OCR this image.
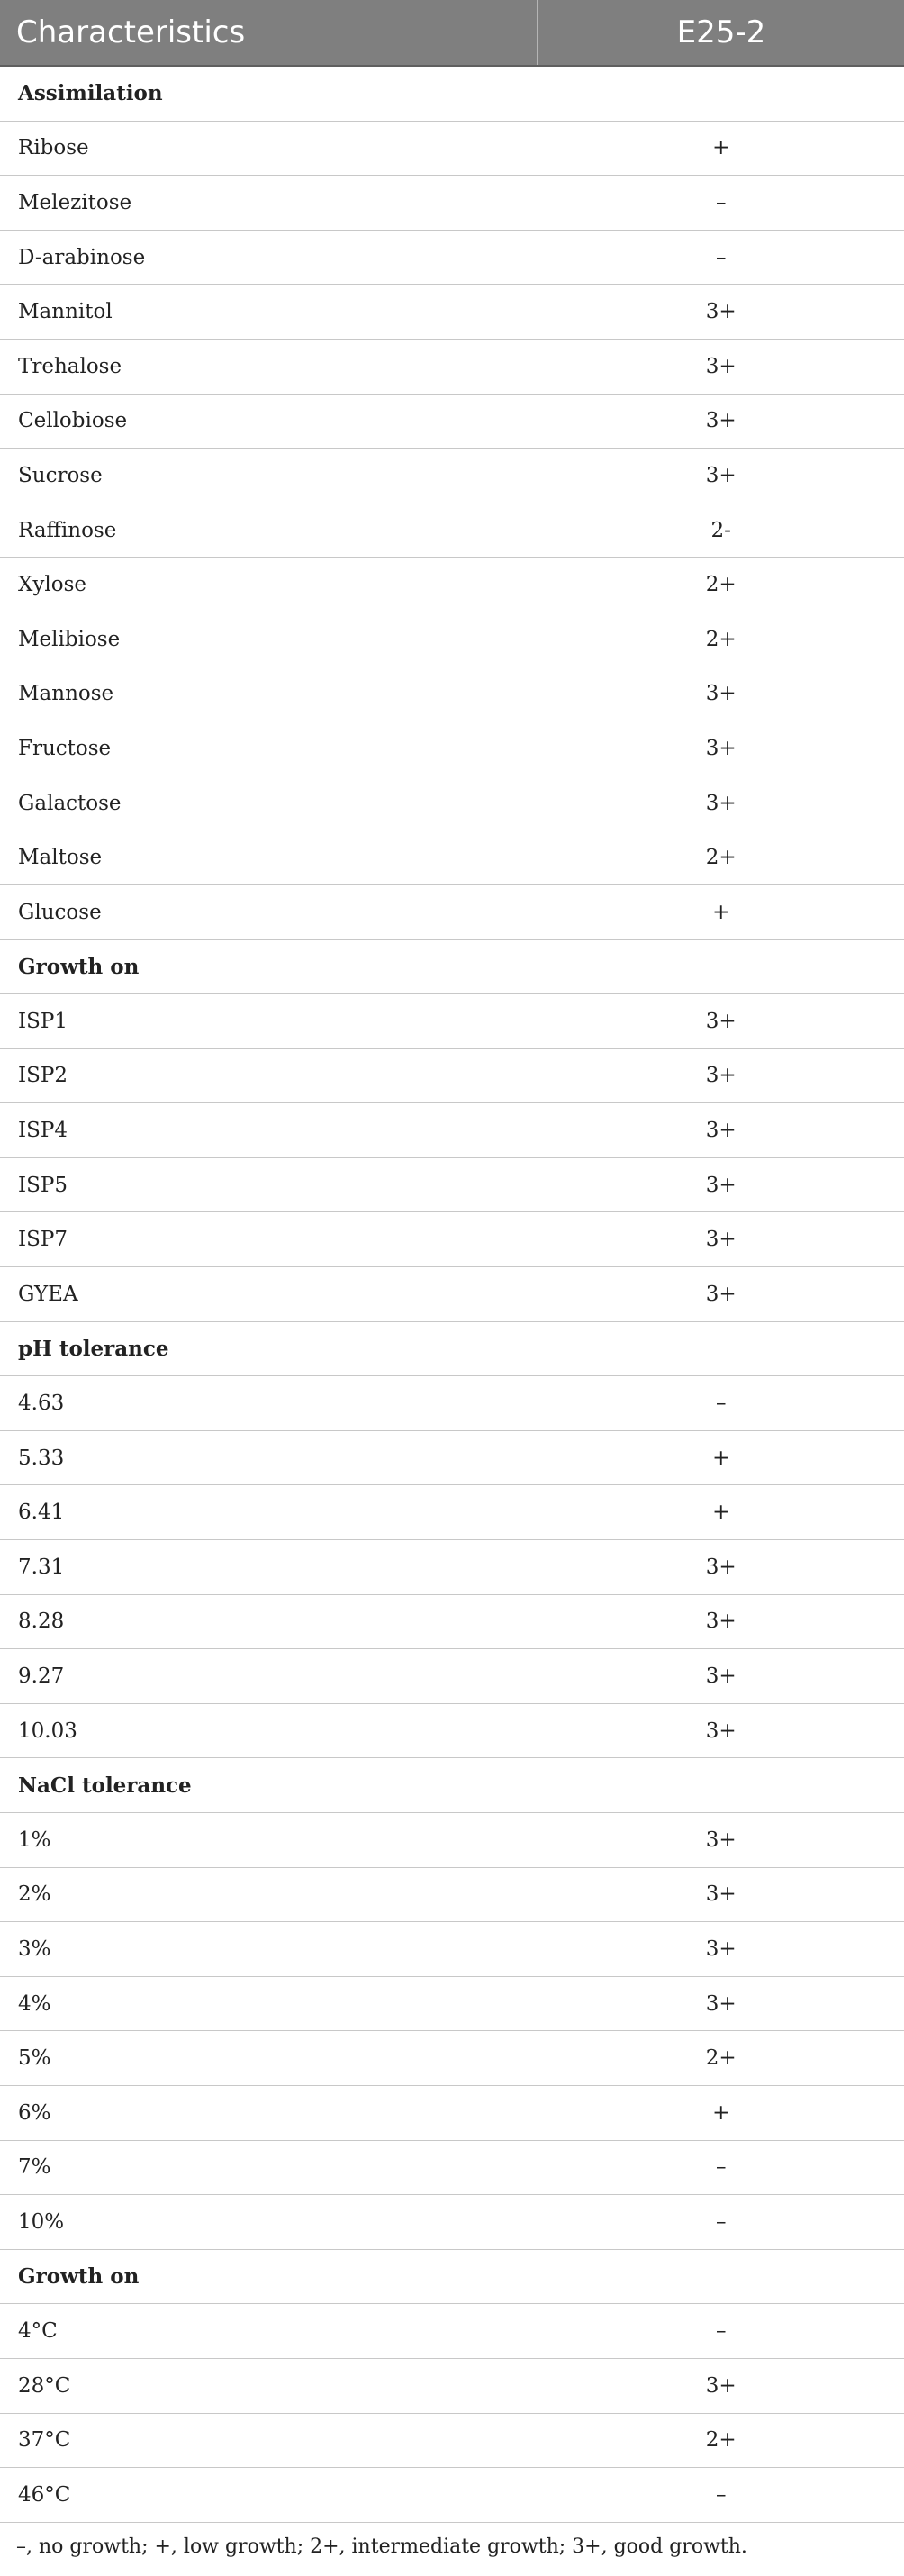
Characteristics	E25-2
Assimilation	
Ribose	+
Melezitose	–
D-arabinose	–
Mannitol	3+
Trehalose	3+
Cellobiose	3+
Sucrose	3+
Raffinose	2-
Xylose	2+
Melibiose	2+
Mannose	3+
Fructose	3+
Galactose	3+
Maltose	2+
Glucose	+
Growth on	
ISP1	3+
ISP2	3+
ISP4	3+
ISP5	3+
ISP7	3+
GYEA	3+
pH tolerance	
4.63	–
5.33	+
6.41	+
7.31	3+
8.28	3+
9.27	3+
10.03	3+
NaCl tolerance	
1%	3+
2%	3+
3%	3+
4%	3+
5%	2+
6%	+
7%	–
10%	–
Growth on	
4°C	–
28°C	3+
37°C	2+
46°C	–
–, no growth; +, low growth; 2+, intermediate growth; 3+, good growth.
